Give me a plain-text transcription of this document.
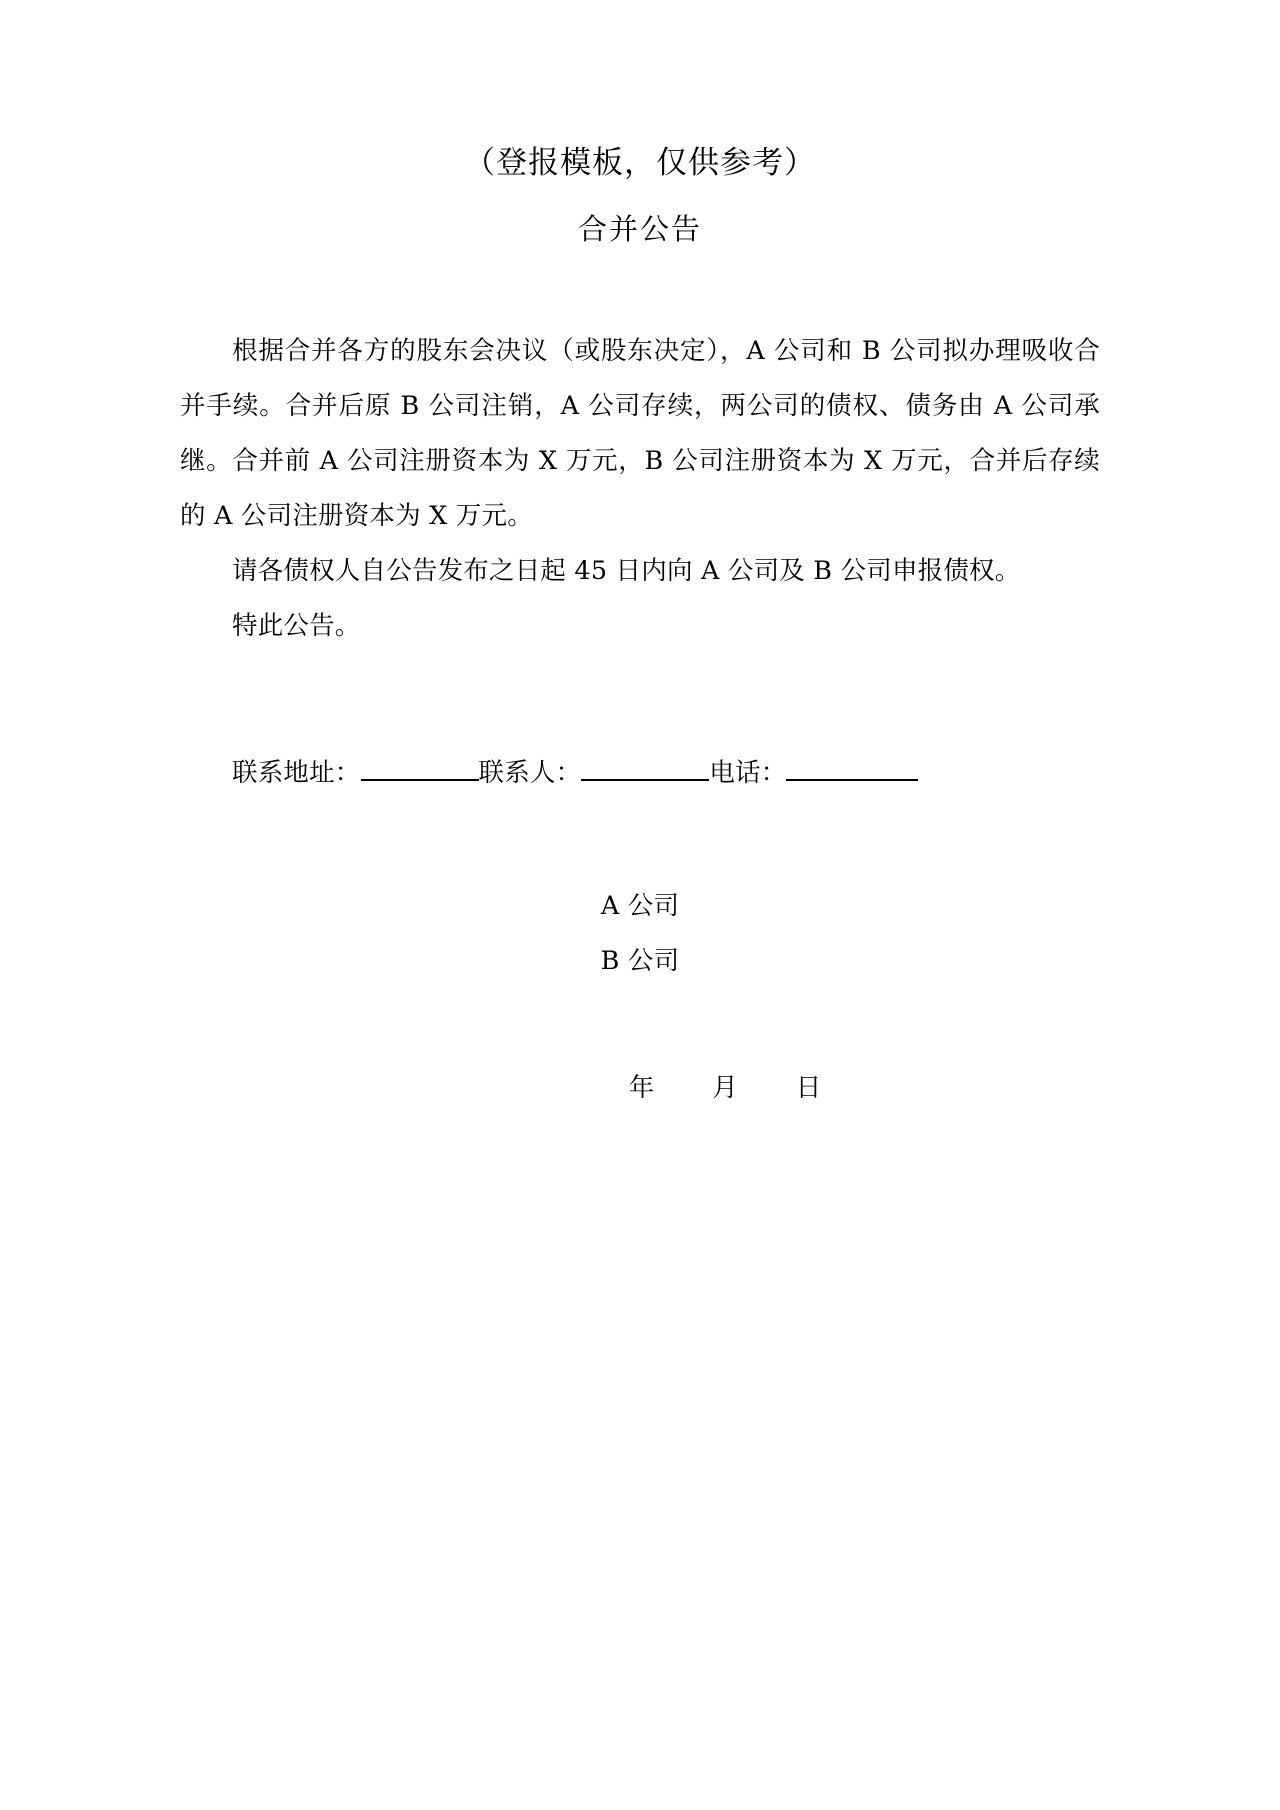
（登报模板，仅供参考）
合并公告

根据合并各方的股东会决议（或股东决定），A 公司和 B 公司拟办理吸收合并手续。合并后原 B 公司注销，A 公司存续，两公司的债权、债务由 A 公司承继。合并前 A 公司注册资本为 X 万元，B 公司注册资本为 X 万元，合并后存续的 A 公司注册资本为 X 万元。

请各债权人自公告发布之日起 45 日内向 A 公司及 B 公司申报债权。

特此公告。

联系地址：	联系人：	电话：
A 公司
B 公司
年 月 日
